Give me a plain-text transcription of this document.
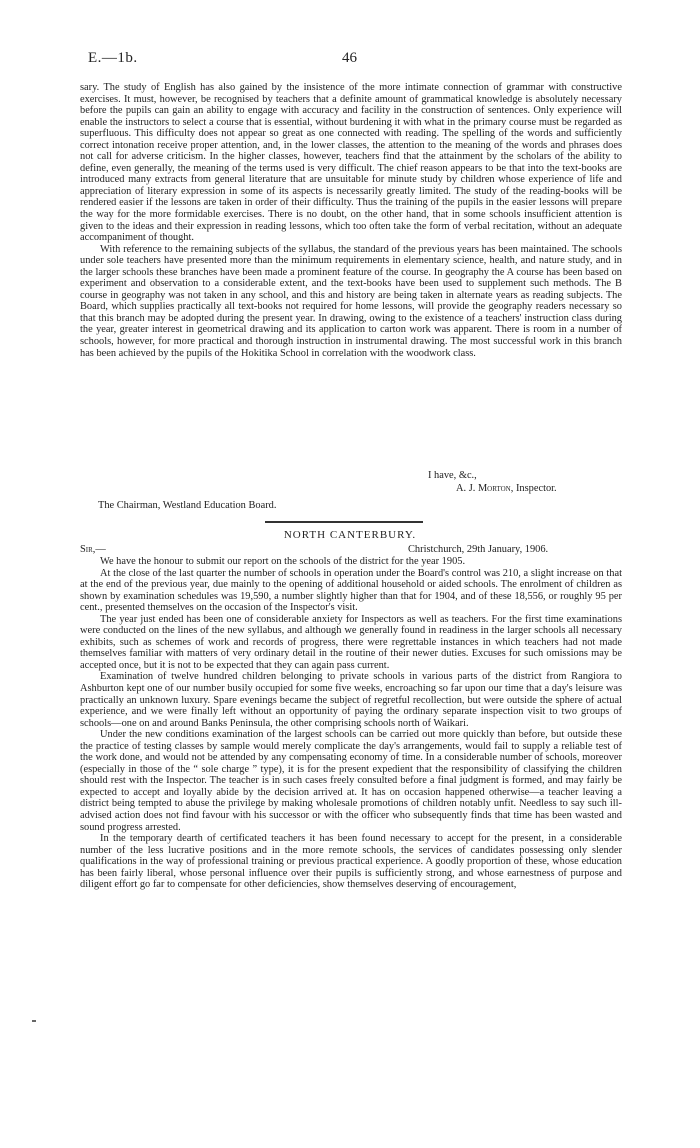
E.—1b.	46

sary. The study of English has also gained by the insistence of the more intimate connection of grammar with constructive exercises. It must, however, be recognised by teachers that a definite amount of grammatical knowledge is absolutely necessary before the pupils can gain an ability to engage with accuracy and facility in the construction of sentences. Only experience will enable the instructors to select a course that is essential, without burdening it with what in the primary course must be regarded as superfluous. This difficulty does not appear so great as one connected with reading. The spelling of the words and sufficiently correct intonation receive proper attention, and, in the lower classes, the attention to the meaning of the words and phrases does not call for adverse criticism. In the higher classes, however, teachers find that the attainment by the scholars of the ability to define, even generally, the meaning of the terms used is very difficult. The chief reason appears to be that into the text-books are introduced many extracts from general literature that are unsuitable for minute study by children whose experience of life and appreciation of literary expression in some of its aspects is necessarily greatly limited. The study of the reading-books will be rendered easier if the lessons are taken in order of their difficulty. Thus the training of the pupils in the easier lessons will prepare the way for the more formidable exercises. There is no doubt, on the other hand, that in some schools insufficient attention is given to the ideas and their expression in reading lessons, which too often take the form of verbal recitation, without an adequate accompaniment of thought.

With reference to the remaining subjects of the syllabus, the standard of the previous years has been maintained. The schools under sole teachers have presented more than the minimum requirements in elementary science, health, and nature study, and in the larger schools these branches have been made a prominent feature of the course. In geography the A course has been based on experiment and observation to a considerable extent, and the text-books have been used to supplement such methods. The B course in geography was not taken in any school, and this and history are being taken in alternate years as reading subjects. The Board, which supplies practically all text-books not required for home lessons, will provide the geography readers necessary so that this branch may be adopted during the present year. In drawing, owing to the existence of a teachers' instruction class during the year, greater interest in geometrical drawing and its application to carton work was apparent. There is room in a number of schools, however, for more practical and thorough instruction in instrumental drawing. The most successful work in this branch has been achieved by the pupils of the Hokitika School in correlation with the woodwork class.

I have, &c.,
A. J. Morton, Inspector.
The Chairman, Westland Education Board.
NORTH CANTERBURY.
Sir,—	Christchurch, 29th January, 1906.

We have the honour to submit our report on the schools of the district for the year 1905.

At the close of the last quarter the number of schools in operation under the Board's control was 210, a slight increase on that at the end of the previous year, due mainly to the opening of additional household or aided schools. The enrolment of children as shown by examination schedules was 19,590, a number slightly higher than that for 1904, and of these 18,556, or roughly 95 per cent., presented themselves on the occasion of the Inspector's visit.

The year just ended has been one of considerable anxiety for Inspectors as well as teachers. For the first time examinations were conducted on the lines of the new syllabus, and although we generally found in readiness in the larger schools all necessary exhibits, such as schemes of work and records of progress, there were regrettable instances in which teachers had not made themselves familiar with matters of very ordinary detail in the routine of their newer duties. Excuses for such omissions may be accepted once, but it is not to be expected that they can again pass current.

Examination of twelve hundred children belonging to private schools in various parts of the district from Rangiora to Ashburton kept one of our number busily occupied for some five weeks, encroaching so far upon our time that a day's leisure was practically an unknown luxury. Spare evenings became the subject of regretful recollection, but were outside the sphere of actual experience, and we were finally left without an opportunity of paying the ordinary separate inspection visit to two groups of schools—one on and around Banks Peninsula, the other comprising schools north of Waikari.

Under the new conditions examination of the largest schools can be carried out more quickly than before, but outside these the practice of testing classes by sample would merely complicate the day's arrangements, would fail to supply a reliable test of the work done, and would not be attended by any compensating economy of time. In a considerable number of schools, moreover (especially in those of the “ sole charge ” type), it is for the present expedient that the responsibility of classifying the children should rest with the Inspector. The teacher is in such cases freely consulted before a final judgment is formed, and may fairly be expected to accept and loyally abide by the decision arrived at. It has on occasion happened otherwise—a teacher leaving a district being tempted to abuse the privilege by making wholesale promotions of children notably unfit. Needless to say such ill-advised action does not find favour with his successor or with the officer who subsequently finds that time has been wasted and sound progress arrested.

In the temporary dearth of certificated teachers it has been found necessary to accept for the present, in a considerable number of the less lucrative positions and in the more remote schools, the services of candidates possessing only slender qualifications in the way of professional training or previous practical experience. A goodly proportion of these, whose education has been fairly liberal, whose personal influence over their pupils is sufficiently strong, and whose earnestness of purpose and diligent effort go far to compensate for other deficiencies, show themselves deserving of encouragement,
